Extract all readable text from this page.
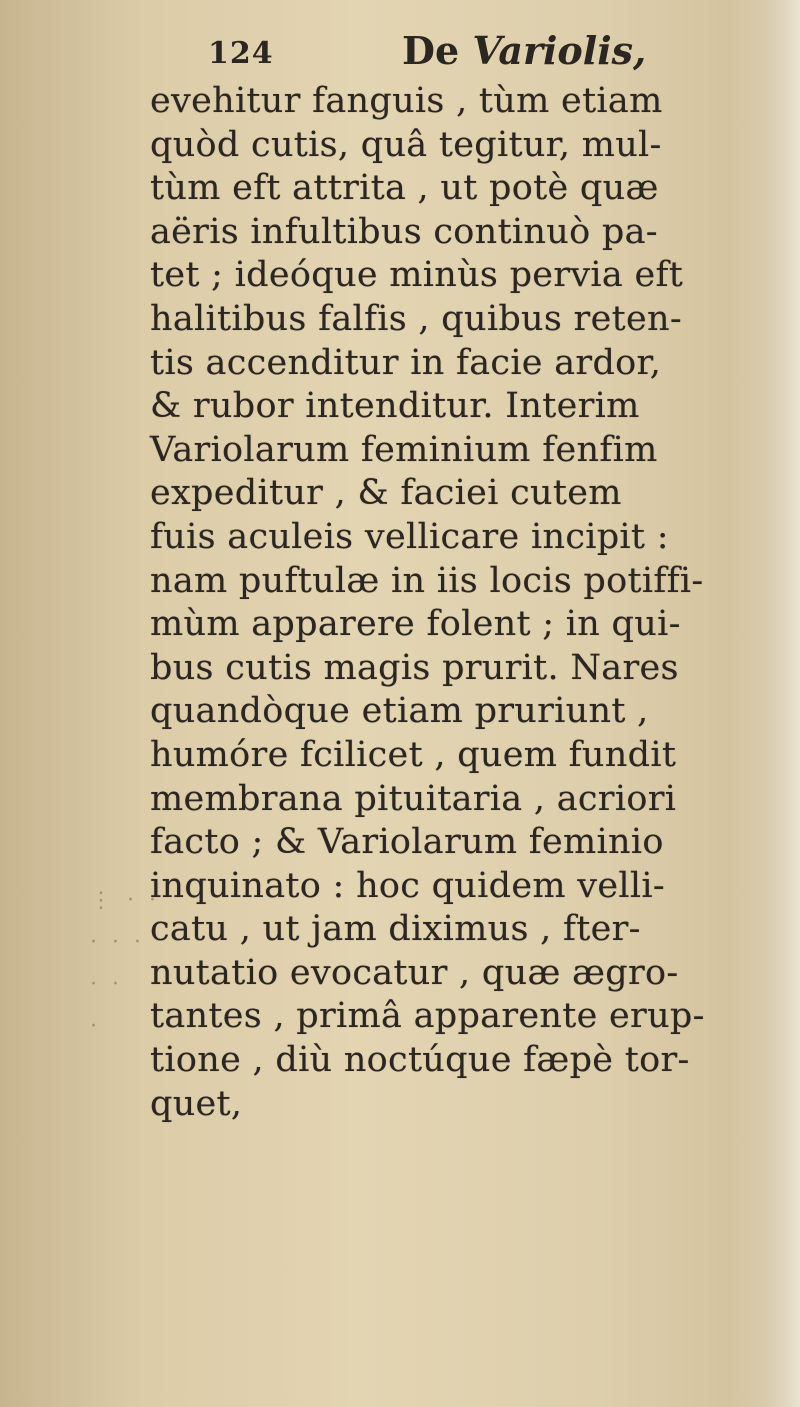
⋮ · ·
· · ·
· ·
·
124	De Variolis,
evehitur fanguis , tùm etiam
quòd cutis, quâ tegitur, mul-
tùm eft attrita , ut potè quæ
aëris infultibus continuò pa-
tet ; ideóque minùs pervia eft
halitibus falfis , quibus reten-
tis accenditur in facie ardor,
& rubor intenditur. Interim
Variolarum feminium fenfim
expeditur , & faciei cutem
fuis aculeis vellicare incipit :
nam puftulæ in iis locis potiffi-
mùm apparere folent ; in qui-
bus cutis magis prurit. Nares
quandòque etiam pruriunt ,
humóre fcilicet , quem fundit
membrana pituitaria , acriori
facto ; & Variolarum feminio
inquinato : hoc quidem velli-
catu , ut jam diximus , fter-
nutatio evocatur , quæ ægro-
tantes , primâ apparente erup-
tione , diù noctúque fæpè tor-
quet,
